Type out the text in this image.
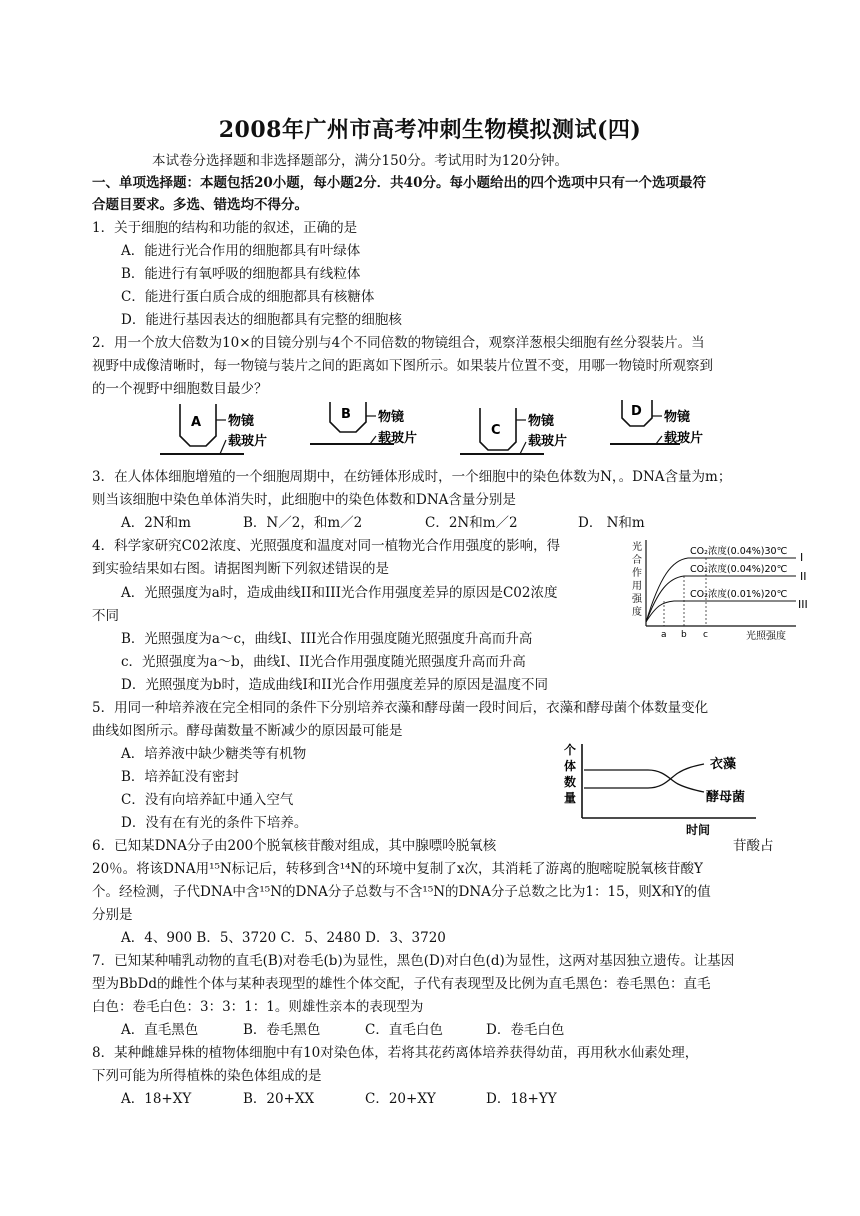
2008年广州市高考冲刺生物模拟测试(四)
本试卷分选择题和非选择题部分，满分150分。考试用时为120分钟。
一、单项选择题：本题包括20小题，每小题2分．共40分。每小题给出的四个选项中只有一个选项最符
合题目要求。多选、错选均不得分。
1．关于细胞的结构和功能的叙述，正确的是
A．能进行光合作用的细胞都具有叶绿体
B．能进行有氧呼吸的细胞都具有线粒体
C．能进行蛋白质合成的细胞都具有核糖体
D．能进行基因表达的细胞都具有完整的细胞核
2．用一个放大倍数为10×的目镜分别与4个不同倍数的物镜组合，观察洋葱根尖细胞有丝分裂装片。当
视野中成像清晰时，每一物镜与装片之间的距离如下图所示。如果装片位置不变，用哪一物镜时所观察到
的一个视野中细胞数目最少？
A 物镜
载玻片
B 物镜
载玻片
C
物镜
载玻片
D 物镜
载玻片
3．在人体体细胞增殖的一个细胞周期中，在纺锤体形成时，一个细胞中的染色体数为N，。DNA含量为m；
则当该细胞中染色单体消失时，此细胞中的染色体数和DNA含量分别是
A．2N和m	B．N／2，和m／2	C．2N和m／2	D． N和m
4．科学家研究C02浓度、光照强度和温度对同一植物光合作用强度的影响，得
到实验结果如右图。请据图判断下列叙述错误的是
A．光照强度为a时，造成曲线II和III光合作用强度差异的原因是C02浓度
不同
B．光照强度为a～c，曲线I、III光合作用强度随光照强度升高而升高
c．光照强度为a～b，曲线I、II光合作用强度随光照强度升高而升高
D．光照强度为b时，造成曲线I和II光合作用强度差异的原因是温度不同
光
合
作
用
强
度
CO₂浓度(0.04%)30℃
CO₂浓度(0.04%)20℃
CO₂浓度(0.01%)20℃
I
II
III
a b c	光照强度
5．用同一种培养液在完全相同的条件下分别培养衣藻和酵母菌一段时间后，衣藻和酵母菌个体数量变化
曲线如图所示。酵母菌数量不断减少的原因最可能是
A．培养液中缺少糖类等有机物
B．培养缸没有密封
C．没有向培养缸中通入空气
D．没有在有光的条件下培养。
个
体
数
量
衣藻
酵母菌
时间
6．已知某DNA分子由200个脱氧核苷酸对组成，其中腺嘌呤脱氧核	苷酸占
20％。将该DNA用¹⁵N标记后，转移到含¹⁴N的环境中复制了x次，其消耗了游离的胞嘧啶脱氧核苷酸Y
个。经检测，子代DNA中含¹⁵N的DNA分子总数与不含¹⁵N的DNA分子总数之比为1：15，则X和Y的值
分别是
A．4、900 B．5、3720 C．5、2480 D．3、3720
7．已知某种哺乳动物的直毛(B)对卷毛(b)为显性，黑色(D)对白色(d)为显性，这两对基因独立遗传。让基因
型为BbDd的雌性个体与某种表现型的雄性个体交配，子代有表现型及比例为直毛黑色：卷毛黑色：直毛
白色：卷毛白色：3：3：1：1。则雄性亲本的表现型为
A．直毛黑色	B．卷毛黑色	C．直毛白色	D．卷毛白色
8．某种雌雄异株的植物体细胞中有10对染色体，若将其花药离体培养获得幼苗，再用秋水仙素处理，
下列可能为所得植株的染色体组成的是
A．18+XY	B．20+XX	C．20+XY	D．18+YY
